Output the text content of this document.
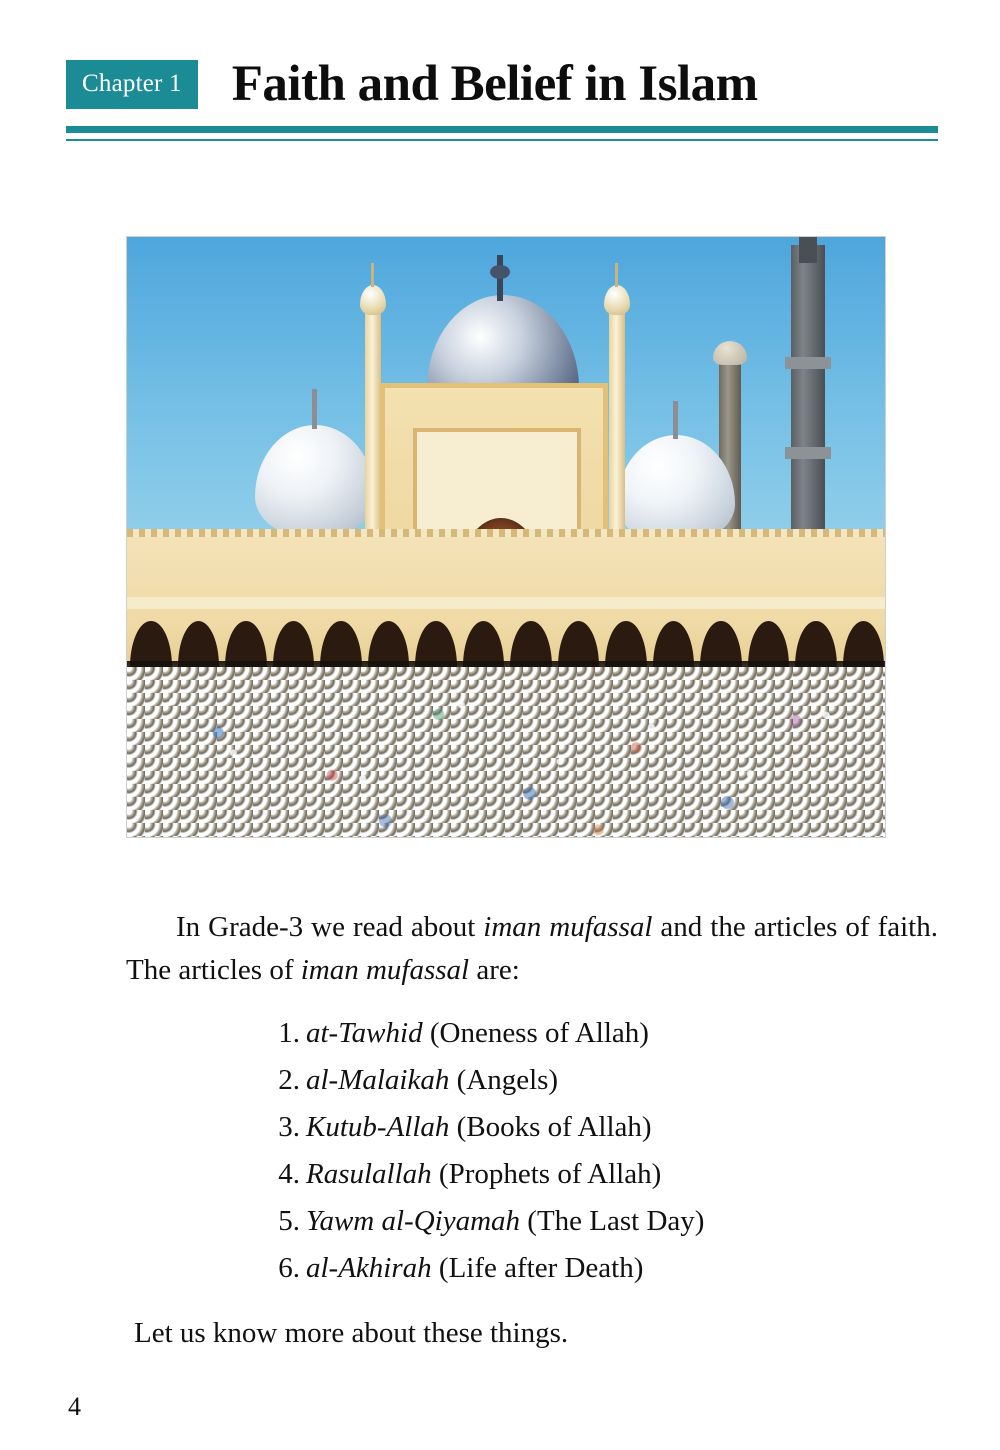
Chapter 1 Faith and Belief in Islam

In Grade-3 we read about iman mufassal and the articles of faith. The articles of iman mufassal are:

1. at-Tawhid (Oneness of Allah)
2. al-Malaikah (Angels)
3. Kutub-Allah (Books of Allah)
4. Rasulallah (Prophets of Allah)
5. Yawm al-Qiyamah (The Last Day)
6. al-Akhirah (Life after Death)

Let us know more about these things.

4
